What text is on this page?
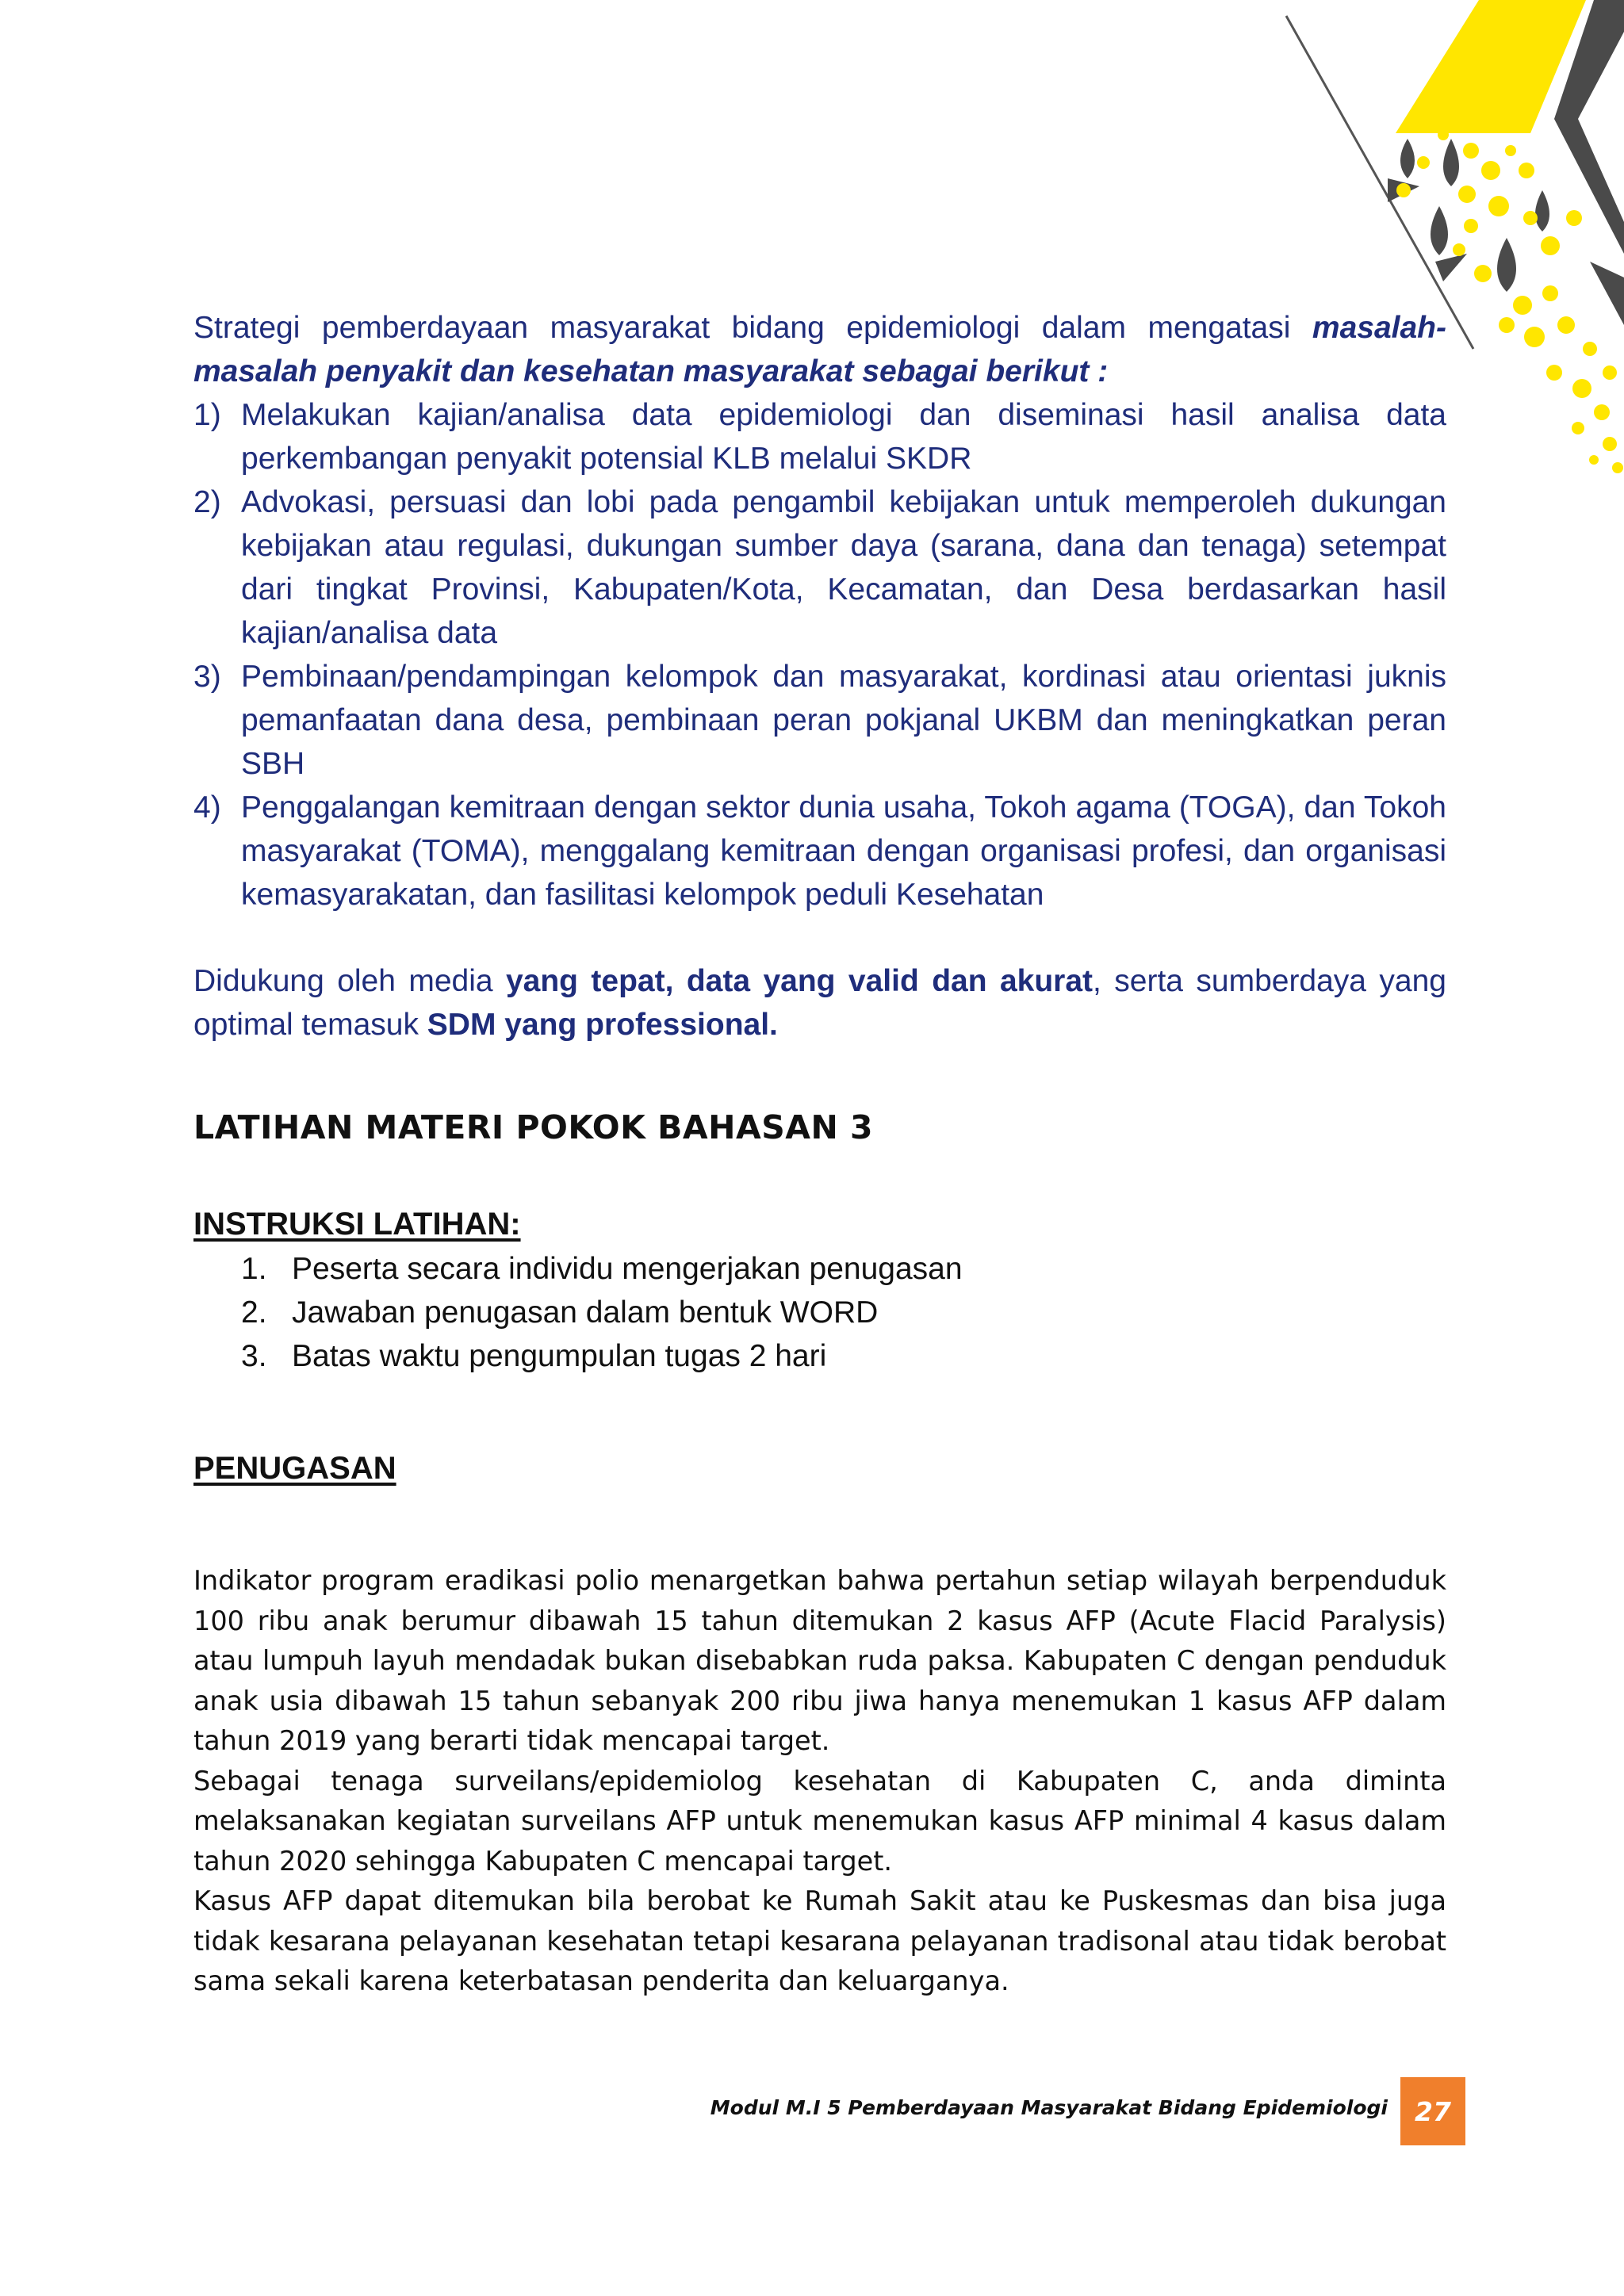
Strategi pemberdayaan masyarakat bidang epidemiologi dalam mengatasi masalah-masalah penyakit dan kesehatan masyarakat sebagai berikut :

1) Melakukan kajian/analisa data epidemiologi dan diseminasi hasil analisa data perkembangan penyakit potensial KLB melalui SKDR
2) Advokasi, persuasi dan lobi pada pengambil kebijakan untuk memperoleh dukungan kebijakan atau regulasi, dukungan sumber daya (sarana, dana dan tenaga) setempat dari tingkat Provinsi, Kabupaten/Kota, Kecamatan, dan Desa berdasarkan hasil kajian/analisa data
3) Pembinaan/pendampingan kelompok dan masyarakat, kordinasi atau orientasi juknis pemanfaatan dana desa, pembinaan peran pokjanal UKBM dan meningkatkan peran SBH
4) Penggalangan kemitraan dengan sektor dunia usaha, Tokoh agama (TOGA), dan Tokoh masyarakat (TOMA), menggalang kemitraan dengan organisasi profesi, dan organisasi kemasyarakatan, dan fasilitasi kelompok peduli Kesehatan

Didukung oleh media yang tepat, data yang valid dan akurat, serta sumberdaya yang optimal temasuk SDM yang professional.

LATIHAN MATERI POKOK BAHASAN 3
INSTRUKSI LATIHAN:
1. Peserta secara individu mengerjakan penugasan
2. Jawaban penugasan dalam bentuk WORD
3. Batas waktu pengumpulan tugas 2 hari
PENUGASAN

Indikator program eradikasi polio menargetkan bahwa pertahun setiap wilayah berpenduduk 100 ribu anak berumur dibawah 15 tahun ditemukan 2 kasus AFP (Acute Flacid Paralysis) atau lumpuh layuh mendadak bukan disebabkan ruda paksa. Kabupaten C dengan penduduk anak usia dibawah 15 tahun sebanyak 200 ribu jiwa hanya menemukan 1 kasus AFP dalam tahun 2019 yang berarti tidak mencapai target.

Sebagai tenaga surveilans/epidemiolog kesehatan di Kabupaten C, anda diminta melaksanakan kegiatan surveilans AFP untuk menemukan kasus AFP minimal 4 kasus dalam tahun 2020 sehingga Kabupaten C mencapai target.

Kasus AFP dapat ditemukan bila berobat ke Rumah Sakit atau ke Puskesmas dan bisa juga tidak kesarana pelayanan kesehatan tetapi kesarana pelayanan tradisonal atau tidak berobat sama sekali karena keterbatasan penderita dan keluarganya.

Modul M.I 5 Pemberdayaan Masyarakat Bidang Epidemiologi 27
